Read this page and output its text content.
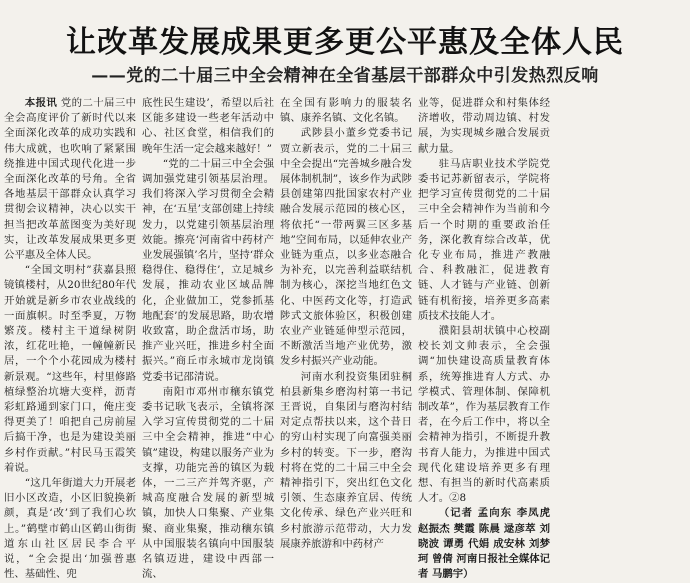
让改革发展成果更多更公平惠及全体人民
——党的二十届三中全会精神在全省基层干部群众中引发热烈反响

本报讯 党的二十届三中全会高度评价了新时代以来全面深化改革的成功实践和伟大成就，也吹响了紧紧围绕推进中国式现代化进一步全面深化改革的号角。全省各地基层干部群众认真学习贯彻会议精神，决心以实干担当把改革蓝图变为美好现实，让改革发展成果更多更公平惠及全体人民。

“全国文明村”获嘉县照镜镇楼村，从20世纪80年代开始就是新乡市农业战线的一面旗帜。时至季夏，万物繁茂。楼村主干道绿树阴浓，红花吐艳，一幢幢新民居，一个个小花园成为楼村新景观。“这些年，村里修路植绿整治坑塘大变样，沥青彩虹路通到家门口，俺庄变得更美了！咱把自己房前屋后搞干净，也是为建设美丽乡村作贡献。”村民马玉霞笑着说。

“这几年街道大力开展老旧小区改造，小区旧貌换新颜，真是‘改’到了我们心坎上。”鹤壁市鹤山区鹤山街街道东山社区居民李合平说，“全会提出‘加强普惠性、基础性、兜

底性民生建设’，希望以后社区能多建设一些老年活动中心、社区食堂，相信我们的晚年生活一定会越来越好！”

“党的二十届三中全会强调加强党建引领基层治理。我们将深入学习贯彻全会精神，在‘五星’支部创建上持续发力，以党建引领基层治理效能。擦亮‘河南省中药材产业发展强镇’名片，坚持‘群众稳得住、稳得住’，立足城乡发展，推动农业区域品牌化，企业做加工，党参抓基地配套’的发展思路，助农增收致富，助企盘活市场，助推产业兴旺，推进乡村全面振兴。”商丘市永城市龙岗镇党委书记邵清说。

南阳市邓州市穰东镇党委书记耿飞表示，全镇将深入学习宣传贯彻党的二十届三中全会精神，推进“中心镇”建设，构建以服务产业为支撑，功能完善的镇区为载体，一二三产并驾齐驱，产城高度融合发展的新型城镇，加快人口集聚、产业集聚、商业集聚，推动穰东镇从中国服装名镇向中国服装名镇迈进，建设中西部一流、

在全国有影响力的服装名镇、康养名镇、文化名镇。

武陟县小董乡党委书记贾立新表示，党的二十届三中全会提出“完善城乡融合发展体制机制”，该乡作为武陟县创建第四批国家农村产业融合发展示范园的核心区，将依托“一带两翼三区多基地”空间布局，以延伸农业产业链为重点，以多业态融合为补充，以完善利益联结机制为核心，深挖当地红色文化、中医药文化等，打造武陟式文旅体验区，积极创建农业产业链延伸型示范园，不断激活当地产业优势，激发乡村振兴产业动能。

河南水利投资集团驻桐柏县新集乡磨沟村第一书记王晋说，自集团与磨沟村结对定点帮扶以来，这个昔日的穷山村实现了向富强美丽乡村的转变。下一步，磨沟村将在党的二十届三中全会精神指引下，突出红色文化引领、生态康养宜居、传统文化传承、绿色产业兴旺和乡村旅游示范带动，大力发展康养旅游和中药材产

业等，促进群众和村集体经济增收，带动周边镇、村发展，为实现城乡融合发展贡献力量。

驻马店职业技术学院党委书记苏新留表示，学院将把学习宣传贯彻党的二十届三中全会精神作为当前和今后一个时期的重要政治任务，深化教育综合改革，优化专业布局，推进产教融合、科教融汇，促进教育链、人才链与产业链、创新链有机衔接，培养更多高素质技术技能人才。

濮阳县胡状镇中心校副校长刘文帅表示，全会强调“加快建设高质量教育体系，统筹推进育人方式、办学模式、管理体制、保障机制改革”，作为基层教育工作者，在今后工作中，将以全会精神为指引，不断提升教书育人能力，为推进中国式现代化建设培养更多有理想、有担当的新时代高素质人才。②8

（记者 孟向东 李凤虎 赵振杰 樊霞 陈晨 逯彦萃 刘晓波 谭勇 代娟 成安林 刘梦珂 曾倩 河南日报社全媒体记者 马鹏宇）
